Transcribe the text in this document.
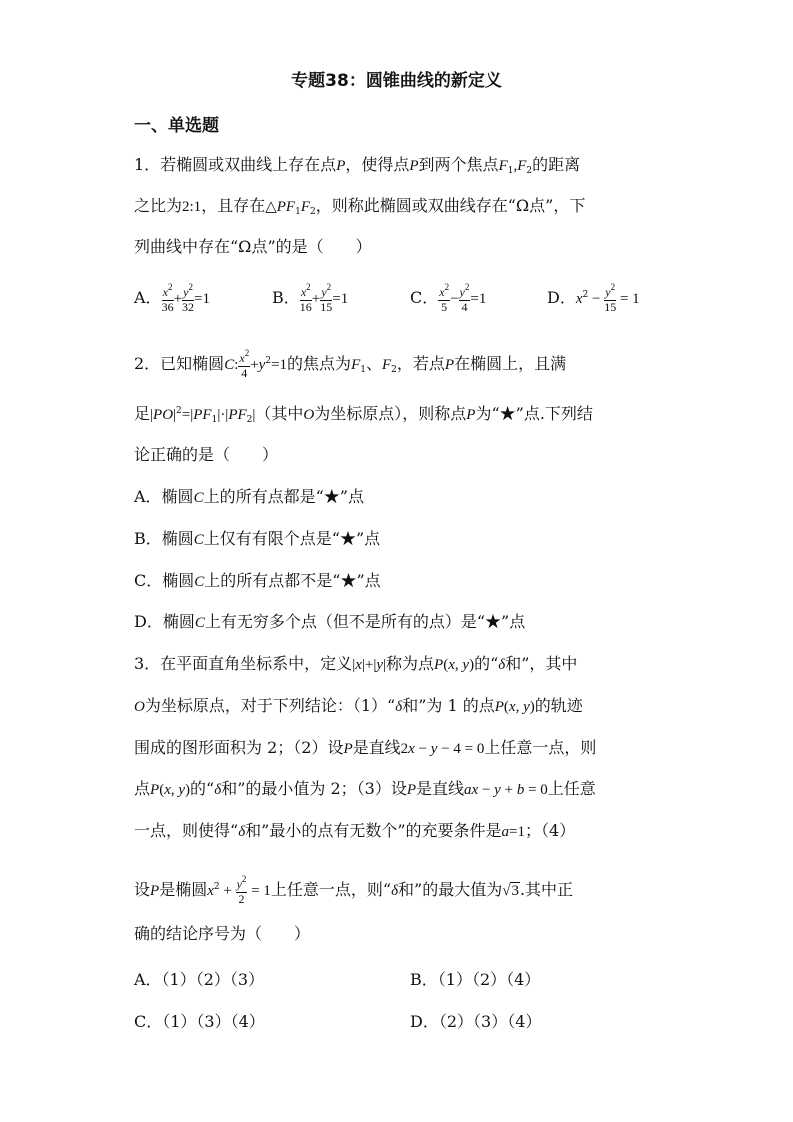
专题38：圆锥曲线的新定义
一、单选题
1．若椭圆或双曲线上存在点P，使得点P到两个焦点$F_1,F_2$的距离
之比为2:1，且存在$\triangle PF_1F_2$，则称此椭圆或双曲线存在“Ω点”，下
列曲线中存在“Ω点”的是（　　）
A． $\frac{x^2}{36} + \frac{y^2}{32} =1$	B． $\frac{x^2}{16} + \frac{y^2}{15} =1$	C． $\frac{x^2}{5} - \frac{y^2}{4} =1$	D．$x^2 - \frac{y^2}{15} = 1$
2．已知椭圆C: $\frac{x^2}{4} +y^2=1$的焦点为$F_1$、$F_2$，若点P在椭圆上，且满
足$|PO|^2=|PF_1|\cdot|PF_2|$（其中O为坐标原点），则称点P为“★”点.下列结
论正确的是（　　）
A．椭圆C上的所有点都是“★”点
B．椭圆C上仅有有限个点是“★”点
C．椭圆C上的所有点都不是“★”点
D．椭圆C上有无穷多个点（但不是所有的点）是“★”点
3．在平面直角坐标系中，定义|x|+|y|称为点P(x, y)的“δ和”，其中
O为坐标原点，对于下列结论：（1）“δ和”为 1 的点P(x, y)的轨迹
围成的图形面积为 2；（2）设P是直线2x − y − 4 = 0上任意一点，则
点P(x, y)的“δ和”的最小值为 2；（3）设P是直线ax − y + b = 0上任意
一点，则使得“δ和”最小的点有无数个”的充要条件是a=1；（4）
设P是椭圆$x^2 + \frac{y^2}{2} = 1$上任意一点，则“δ和”的最大值为√3.其中正
确的结论序号为（　　）
A．（1）（2）（3）	B．（1）（2）（4）
C．（1）（3）（4）	D．（2）（3）（4）
